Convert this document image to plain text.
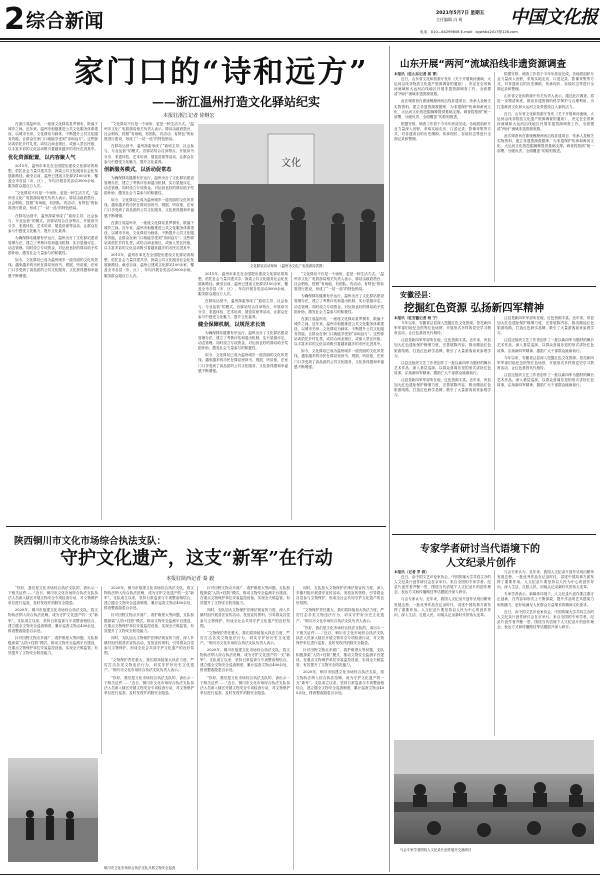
2 综合新闻	2021年5月7日 星期五
主任编辑 冯 萌
电话：010—64299608 E-mail：zgwhbx2017@126.com
中国文化报
家门口的“诗和远方”
——浙江温州打造文化驿站纪实
本报驻浙江记者 徐继宏

在浙江省温州市，一座座文化驿站星罗棋布，散落于城乡之间。近年来，温州市积极推进公共文化服务体系建设，以城市书房、文化驿站为载体，不断提升公共文化服务效能，让群众在家门口就能享受到“诗和远方”。这些驿站或依托乡村礼堂，或结合商业街区，或嵌入景区民宿，以丰富多彩的文化活动吸引着越来越多的市民走进其中。

优化资源配置，以内容聚人气

2015年，温州市率先在全国提出建设文化驿站的构想，依托社会力量共建共享，探索公共文化服务社会化发展新路径。截至目前，温州已建成文化驿站100余家，覆盖全市各县（市、区），年均开展各类活动3000余场，服务群众超百万人次。

“文化驿站不仅是一个场所，更是一种生活方式。”温州市文化广电旅游局相关负责人表示，驿站由政府搭台、社会唱戏，按照“有场地、有团队、有活动、有特色”的标准进行建设，形成了“一站一品”的特色格局。

在驿站运营中，温州探索形成了“政府主导、社会参与、专业运营”的模式。各驿站结合自身特点，开展读书分享、非遗体验、艺术培训、展览讲座等活动，让群众在参与中感受文化魅力，提升文化素养。

为确保驿站健康有序运行，温州出台了文化驿站建设管理办法，建立了考核评估和退出机制，实行星级评定、动态管理。同时设立专项资金，对运营良好的驿站给予奖励补助，激发社会力量参与的积极性。

如今，文化驿站已成为温州城乡一道亮丽的文化风景线。越来越多的市民在驿站里读书、观展、听讲座，在家门口享受到了高品质的公共文化服务，文化获得感和幸福感不断增强。

“文化驿站不仅是一个场所，更是一种生活方式。”温州市文化广电旅游局相关负责人表示，驿站由政府搭台、社会唱戏，按照“有场地、有团队、有活动、有特色”的标准进行建设，形成了“一站一品”的特色格局。

在驿站运营中，温州探索形成了“政府主导、社会参与、专业运营”的模式。各驿站结合自身特点，开展读书分享、非遗体验、艺术培训、展览讲座等活动，让群众在参与中感受文化魅力，提升文化素养。

创新服务模式，以活动促常态

为确保驿站健康有序运行，温州出台了文化驿站建设管理办法，建立了考核评估和退出机制，实行星级评定、动态管理。同时设立专项资金，对运营良好的驿站给予奖励补助，激发社会力量参与的积极性。

如今，文化驿站已成为温州城乡一道亮丽的文化风景线。越来越多的市民在驿站里读书、观展、听讲座，在家门口享受到了高品质的公共文化服务，文化获得感和幸福感不断增强。

在浙江省温州市，一座座文化驿站星罗棋布，散落于城乡之间。近年来，温州市积极推进公共文化服务体系建设，以城市书房、文化驿站为载体，不断提升公共文化服务效能，让群众在家门口就能享受到“诗和远方”。这些驿站或依托乡村礼堂，或结合商业街区，或嵌入景区民宿，以丰富多彩的文化活动吸引着越来越多的市民走进其中。

2015年，温州市率先在全国提出建设文化驿站的构想，依托社会力量共建共享，探索公共文化服务社会化发展新路径。截至目前，温州已建成文化驿站100余家，覆盖全市各县（市、区），年均开展各类活动3000余场，服务群众超百万人次。

文化
文化驿站活动现场 （温州市文化广电旅游局供图）

2015年，温州市率先在全国提出建设文化驿站的构想，依托社会力量共建共享，探索公共文化服务社会化发展新路径。截至目前，温州已建成文化驿站100余家，覆盖全市各县（市、区），年均开展各类活动3000余场，服务群众超百万人次。

在驿站运营中，温州探索形成了“政府主导、社会参与、专业运营”的模式。各驿站结合自身特点，开展读书分享、非遗体验、艺术培训、展览讲座等活动，让群众在参与中感受文化魅力，提升文化素养。

健全保障机制，以规范求长效

为确保驿站健康有序运行，温州出台了文化驿站建设管理办法，建立了考核评估和退出机制，实行星级评定、动态管理。同时设立专项资金，对运营良好的驿站给予奖励补助，激发社会力量参与的积极性。

如今，文化驿站已成为温州城乡一道亮丽的文化风景线。越来越多的市民在驿站里读书、观展、听讲座，在家门口享受到了高品质的公共文化服务，文化获得感和幸福感不断增强。

“文化驿站不仅是一个场所，更是一种生活方式。”温州市文化广电旅游局相关负责人表示，驿站由政府搭台、社会唱戏，按照“有场地、有团队、有活动、有特色”的标准进行建设，形成了“一站一品”的特色格局。

为确保驿站健康有序运行，温州出台了文化驿站建设管理办法，建立了考核评估和退出机制，实行星级评定、动态管理。同时设立专项资金，对运营良好的驿站给予奖励补助，激发社会力量参与的积极性。

在浙江省温州市，一座座文化驿站星罗棋布，散落于城乡之间。近年来，温州市积极推进公共文化服务体系建设，以城市书房、文化驿站为载体，不断提升公共文化服务效能，让群众在家门口就能享受到“诗和远方”。这些驿站或依托乡村礼堂，或结合商业街区，或嵌入景区民宿，以丰富多彩的文化活动吸引着越来越多的市民走进其中。

如今，文化驿站已成为温州城乡一道亮丽的文化风景线。越来越多的市民在驿站里读书、观展、听讲座，在家门口享受到了高品质的公共文化服务，文化获得感和幸福感不断增强。

陕西铜川市文化市场综合执法支队：
守护文化遗产，这支“新军”在行动
本报驻陕西记者 秦 毅

“你好，我们是文化市场综合执法支队的，请出示一下相关证件……”近日，铜川市文化市场综合执法支队执法人员深入辖区开展文物安全专项检查行动，对文物保护单位进行巡查，及时发现并消除安全隐患。

2020年，铜川市组建文化市场综合执法支队，将文物执法纳入综合执法范畴，成为守护文化遗产的一支“新军”。支队成立以来，坚持日常巡查与专项整治相结合，建立健全文物安全巡查制度，累计巡查文物点400余处，排查整改隐患百余处。

针对田野文物点多面广、看护难度大等问题，支队积极探索“人防+技防”模式，推动文物安全监测平台建设，在重点文物保护单位安装监控设备，实现全天候监管，有效提升了文物安全防范能力。

2020年，铜川市组建文化市场综合执法支队，将文物执法纳入综合执法范畴，成为守护文化遗产的一支“新军”。支队成立以来，坚持日常巡查与专项整治相结合，建立健全文物安全巡查制度，累计巡查文物点400余处，排查整改隐患百余处。

针对田野文物点多面广、看护难度大等问题，支队积极探索“人防+技防”模式，推动文物安全监测平台建设，在重点文物保护单位安装监控设备，实现全天候监管，有效提升了文物安全防范能力。

同时，支队加大文物保护法律法规宣传力度，深入乡镇村组开展普法宣传活动，发放宣传资料，引导群众自觉参与文物保护，形成全社会共同守护文化遗产的良好氛围。

“文物保护责任重大，我们将持续加大执法力度，严厉打击各类文物违法行为，切实守护好历史文化遗产。”铜川市文化市场综合执法支队负责人表示。

“你好，我们是文化市场综合执法支队的，请出示一下相关证件……”近日，铜川市文化市场综合执法支队执法人员深入辖区开展文物安全专项检查行动，对文物保护单位进行巡查，及时发现并消除安全隐患。

针对田野文物点多面广、看护难度大等问题，支队积极探索“人防+技防”模式，推动文物安全监测平台建设，在重点文物保护单位安装监控设备，实现全天候监管，有效提升了文物安全防范能力。

同时，支队加大文物保护法律法规宣传力度，深入乡镇村组开展普法宣传活动，发放宣传资料，引导群众自觉参与文物保护，形成全社会共同守护文化遗产的良好氛围。

“文物保护责任重大，我们将持续加大执法力度，严厉打击各类文物违法行为，切实守护好历史文化遗产。”铜川市文化市场综合执法支队负责人表示。

2020年，铜川市组建文化市场综合执法支队，将文物执法纳入综合执法范畴，成为守护文化遗产的一支“新军”。支队成立以来，坚持日常巡查与专项整治相结合，建立健全文物安全巡查制度，累计巡查文物点400余处，排查整改隐患百余处。

“你好，我们是文化市场综合执法支队的，请出示一下相关证件……”近日，铜川市文化市场综合执法支队执法人员深入辖区开展文物安全专项检查行动，对文物保护单位进行巡查，及时发现并消除安全隐患。

同时，支队加大文物保护法律法规宣传力度，深入乡镇村组开展普法宣传活动，发放宣传资料，引导群众自觉参与文物保护，形成全社会共同守护文化遗产的良好氛围。

“文物保护责任重大，我们将持续加大执法力度，严厉打击各类文物违法行为，切实守护好历史文化遗产。”铜川市文化市场综合执法支队负责人表示。

“你好，我们是文化市场综合执法支队的，请出示一下相关证件……”近日，铜川市文化市场综合执法支队执法人员深入辖区开展文物安全专项检查行动，对文物保护单位进行巡查，及时发现并消除安全隐患。

针对田野文物点多面广、看护难度大等问题，支队积极探索“人防+技防”模式，推动文物安全监测平台建设，在重点文物保护单位安装监控设备，实现全天候监管，有效提升了文物安全防范能力。

2020年，铜川市组建文化市场综合执法支队，将文物执法纳入综合执法范畴，成为守护文化遗产的一支“新军”。支队成立以来，坚持日常巡查与专项整治相结合，建立健全文物安全巡查制度，累计巡查文物点400余处，排查整改隐患百余处。

铜川市文化市场综合执法支队开展文物安全巡查
山东开展“两河”流域沿线非遗资源调查

本报讯（驻山东记者 郭 菁）

近日，山东省文化和旅游厅发布《关于开展黄河流域、大运河沿线非物质文化遗产资源调查的通知》，决定在全省黄河流域和大运河沿线地区开展非遗资源调查工作，全面摸清“两河”流域非遗资源底数。

此次调查旨在系统梳理两河沿线非遗项目、传承人及相关实物资料，建立非遗资源数据库，为非遗保护传承和黄河文化、大运河文化的挖掘阐释提供基础支撑。调查将按照“统一部署、分级负责、全面覆盖”的原则推进。

根据安排，调查工作将于今年年底前完成。各地将组织专业力量深入田野，采取实地走访、口述记录、影像采集等方式，对非遗项目的历史渊源、传承现状、存续状态等进行全面记录和整理。

根据安排，调查工作将于今年年底前完成。各地将组织专业力量深入田野，采取实地走访、口述记录、影像采集等方式，对非遗项目的历史渊源、传承现状、存续状态等进行全面记录和整理。

山东省文化和旅游厅有关负责人表示，通过此次调查，将进一步摸清家底，推动非遗资源的科学保护与合理利用，为打造黄河文化和大运河文化带建设注入新的活力。

近日，山东省文化和旅游厅发布《关于开展黄河流域、大运河沿线非物质文化遗产资源调查的通知》，决定在全省黄河流域和大运河沿线地区开展非遗资源调查工作，全面摸清“两河”流域非遗资源底数。

此次调查旨在系统梳理两河沿线非遗项目、传承人及相关实物资料，建立非遗资源数据库，为非遗保护传承和黄河文化、大运河文化的挖掘阐释提供基础支撑。调查将按照“统一部署、分级负责、全面覆盖”的原则推进。

安徽泾县：
挖掘红色资源 弘扬新四军精神

本报讯（驻安徽记者 杨 宁）

今年以来，安徽省泾县深入挖掘红色文化资源，依托新四军军部旧址纪念馆等红色场馆，开展形式多样的党史学习教育活动，让红色基因代代相传。

泾县是新四军军部所在地，红色资源丰富。近年来，该县加大红色遗址保护修缮力度，完善展陈内容，推出精品红色旅游线路，打造红色研学品牌，吸引了大量游客前来参观学习。

泾县还组织文艺工作者创作了一批以新四军为题材的舞台艺术作品，深入基层巡演，以群众喜闻乐见的形式讲好红色故事，弘扬新四军精神，激励广大干部群众砥砺前行。

泾县是新四军军部所在地，红色资源丰富。近年来，该县加大红色遗址保护修缮力度，完善展陈内容，推出精品红色旅游线路，打造红色研学品牌，吸引了大量游客前来参观学习。

泾县是新四军军部所在地，红色资源丰富。近年来，该县加大红色遗址保护修缮力度，完善展陈内容，推出精品红色旅游线路，打造红色研学品牌，吸引了大量游客前来参观学习。

泾县还组织文艺工作者创作了一批以新四军为题材的舞台艺术作品，深入基层巡演，以群众喜闻乐见的形式讲好红色故事，弘扬新四军精神，激励广大干部群众砥砺前行。

今年以来，安徽省泾县深入挖掘红色文化资源，依托新四军军部旧址纪念馆等红色场馆，开展形式多样的党史学习教育活动，让红色基因代代相传。

泾县还组织文艺工作者创作了一批以新四军为题材的舞台艺术作品，深入基层巡演，以群众喜闻乐见的形式讲好红色故事，弘扬新四军精神，激励广大干部群众砥砺前行。

专家学者研讨当代语境下的
人文纪录片创作

本报讯（记者 罗 群）

近日，由中国文艺评论家协会、中国传媒大学共同主办的人文纪录片创作研讨会在京举行。来自全国的专家学者、纪录片创作者齐聚一堂，围绕当代语境下人文纪录片的创作理念、表达方式和传播路径等话题展开深入研讨。

与会专家认为，近年来，我国人文纪录片创作呈现出繁荣发展态势，一批优秀作品在记录时代、讲述中国故事方面发挥了重要作用。人文纪录片要坚持以人民为中心的创作导向，深入生活、扎根人民，用镜头记录新时代的伟大变革。

与会专家认为，近年来，我国人文纪录片创作呈现出繁荣发展态势，一批优秀作品在记录时代、讲述中国故事方面发挥了重要作用。人文纪录片要坚持以人民为中心的创作导向，深入生活、扎根人民，用镜头记录新时代的伟大变革。

专家学者表示，新媒体环境下，人文纪录片创作要注重守正创新，在内容和形式上不断探索，提升作品的艺术感染力和传播力，更好地满足人民群众日益增长的精神文化需求。

近日，由中国文艺评论家协会、中国传媒大学共同主办的人文纪录片创作研讨会在京举行。来自全国的专家学者、纪录片创作者齐聚一堂，围绕当代语境下人文纪录片的创作理念、表达方式和传播路径等话题展开深入研讨。

与会专家学者围绕人文纪录片创作展开交流研讨
